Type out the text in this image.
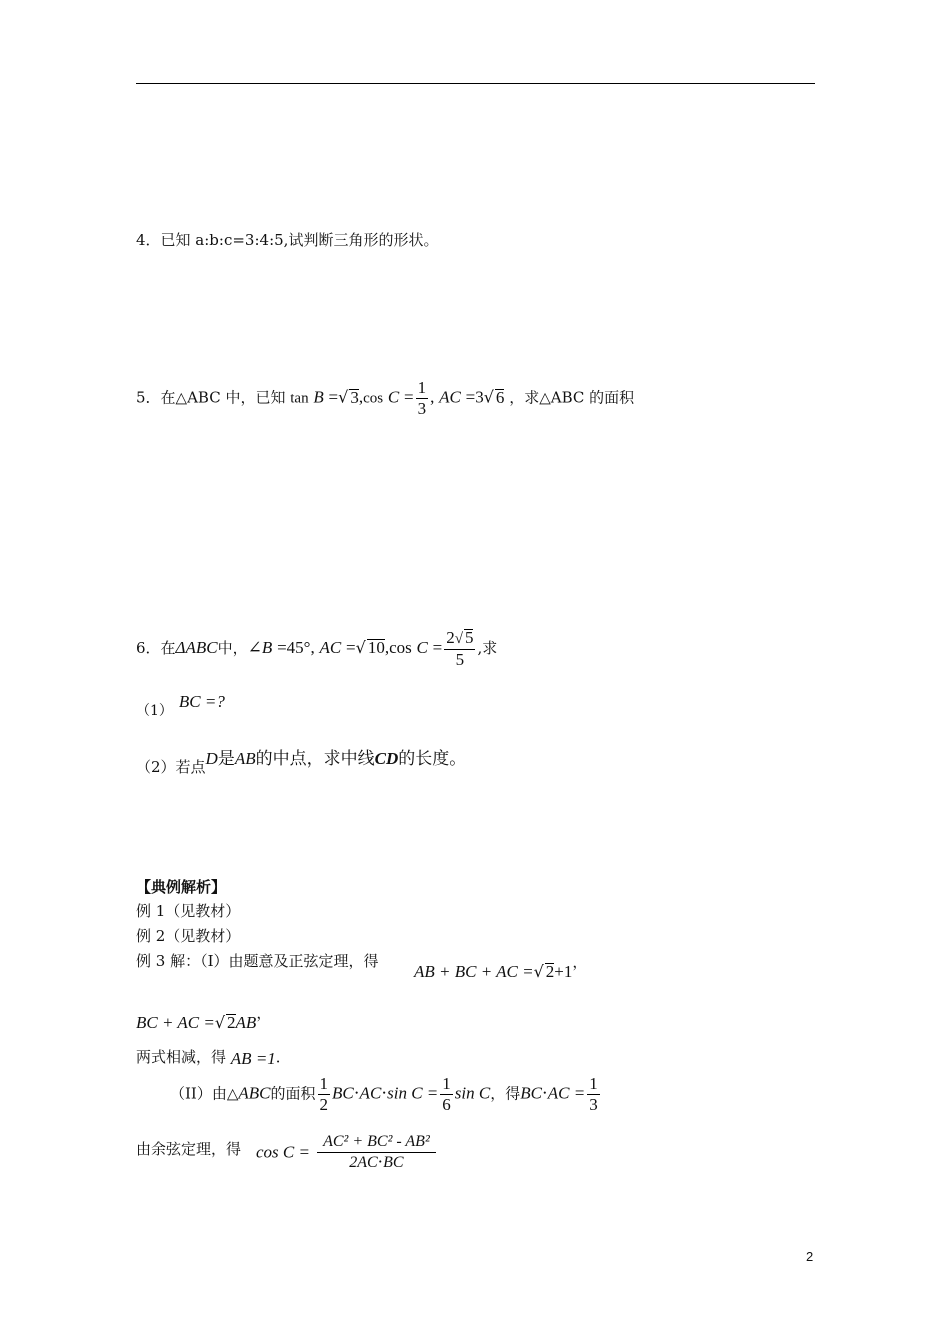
4．已知 a:b:c=3:4:5,试判断三角形的形状。
5．在△ABC 中，已知 tan B =√ 3,cos $C = \frac{1}{3}$ , AC =3√ 6 ，求△ABC 的面积
6．在ΔABC中，∠B =45°, AC =√ 10,cos $C = \frac{2√ 5}{5}$ ,求
（1） BC =?
（2）若点D是AB的中点，求中线CD的长度。
【典例解析】
例 1（见教材）
例 2（见教材）
例 3 解：（I）由题意及正弦定理，得
AB + BC + AC =√ 2+1，
BC + AC =√ 2AB，
两式相减，得 AB =1．
（II）由△ABC的面积 $\frac{1}{2} BC\cdot AC\cdot\sin$ $C = \frac{1}{6}$ sin C，得$BC\cdot AC = \frac{1}{3}$
由余弦定理，得 $\cos C = \frac{\text{AC² + BC² - AB²}}{2AC\cdot BC}$
2
